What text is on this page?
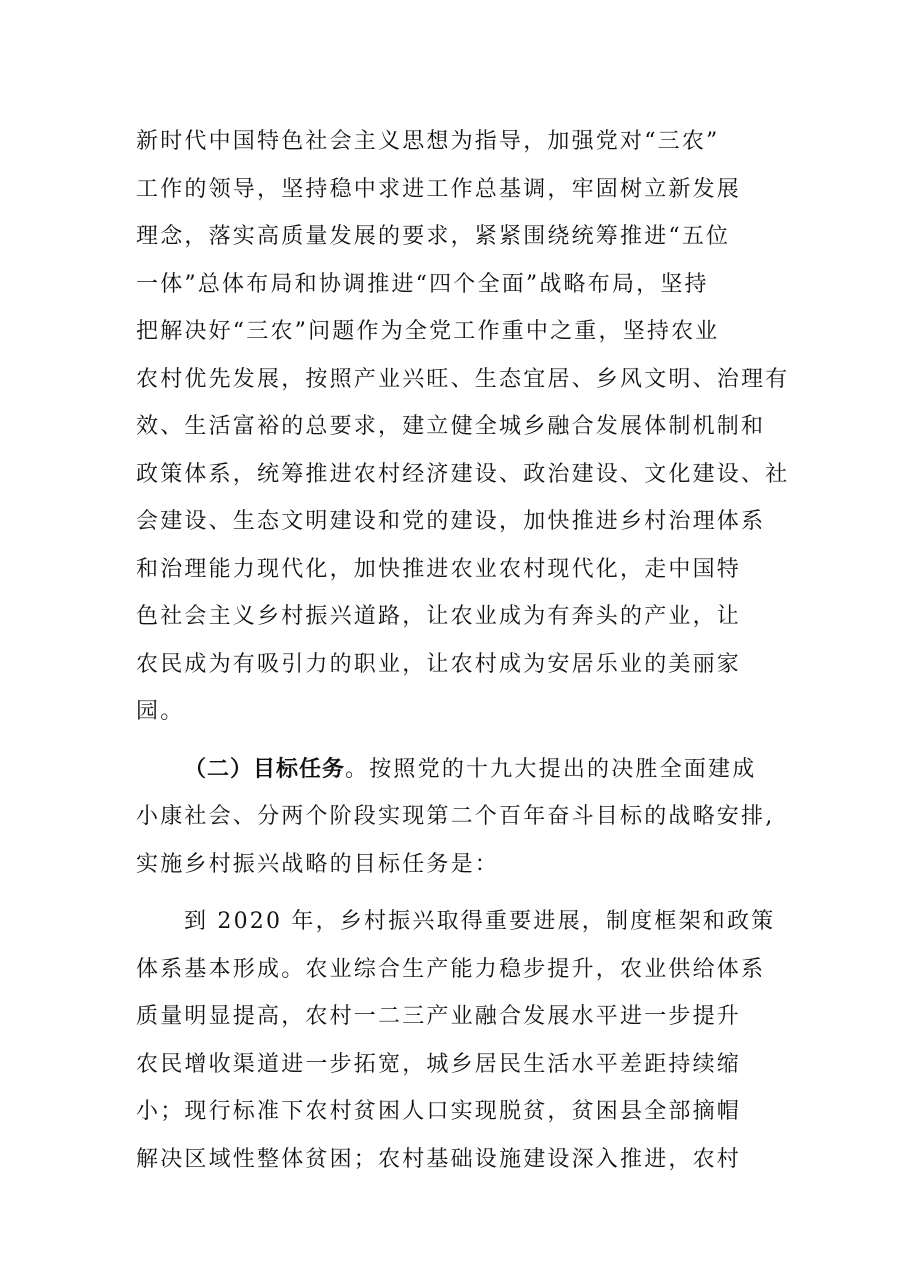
新时代中国特色社会主义思想为指导，加强党对“三农”
工作的领导，坚持稳中求进工作总基调，牢固树立新发展
理念，落实高质量发展的要求，紧紧围绕统筹推进“五位
一体”总体布局和协调推进“四个全面”战略布局，坚持
把解决好“三农”问题作为全党工作重中之重，坚持农业
农村优先发展，按照产业兴旺、生态宜居、乡风文明、治理有
效、生活富裕的总要求，建立健全城乡融合发展体制机制和
政策体系，统筹推进农村经济建设、政治建设、文化建设、社
会建设、生态文明建设和党的建设，加快推进乡村治理体系
和治理能力现代化，加快推进农业农村现代化，走中国特
色社会主义乡村振兴道路，让农业成为有奔头的产业，让
农民成为有吸引力的职业，让农村成为安居乐业的美丽家
园。
（二）目标任务。按照党的十九大提出的决胜全面建成
小康社会、分两个阶段实现第二个百年奋斗目标的战略安排,
实施乡村振兴战略的目标任务是：
到 2020 年，乡村振兴取得重要进展，制度框架和政策
体系基本形成。农业综合生产能力稳步提升，农业供给体系
质量明显提高，农村一二三产业融合发展水平进一步提升
农民增收渠道进一步拓宽，城乡居民生活水平差距持续缩
小；现行标准下农村贫困人口实现脱贫，贫困县全部摘帽
解决区域性整体贫困；农村基础设施建设深入推进，农村
